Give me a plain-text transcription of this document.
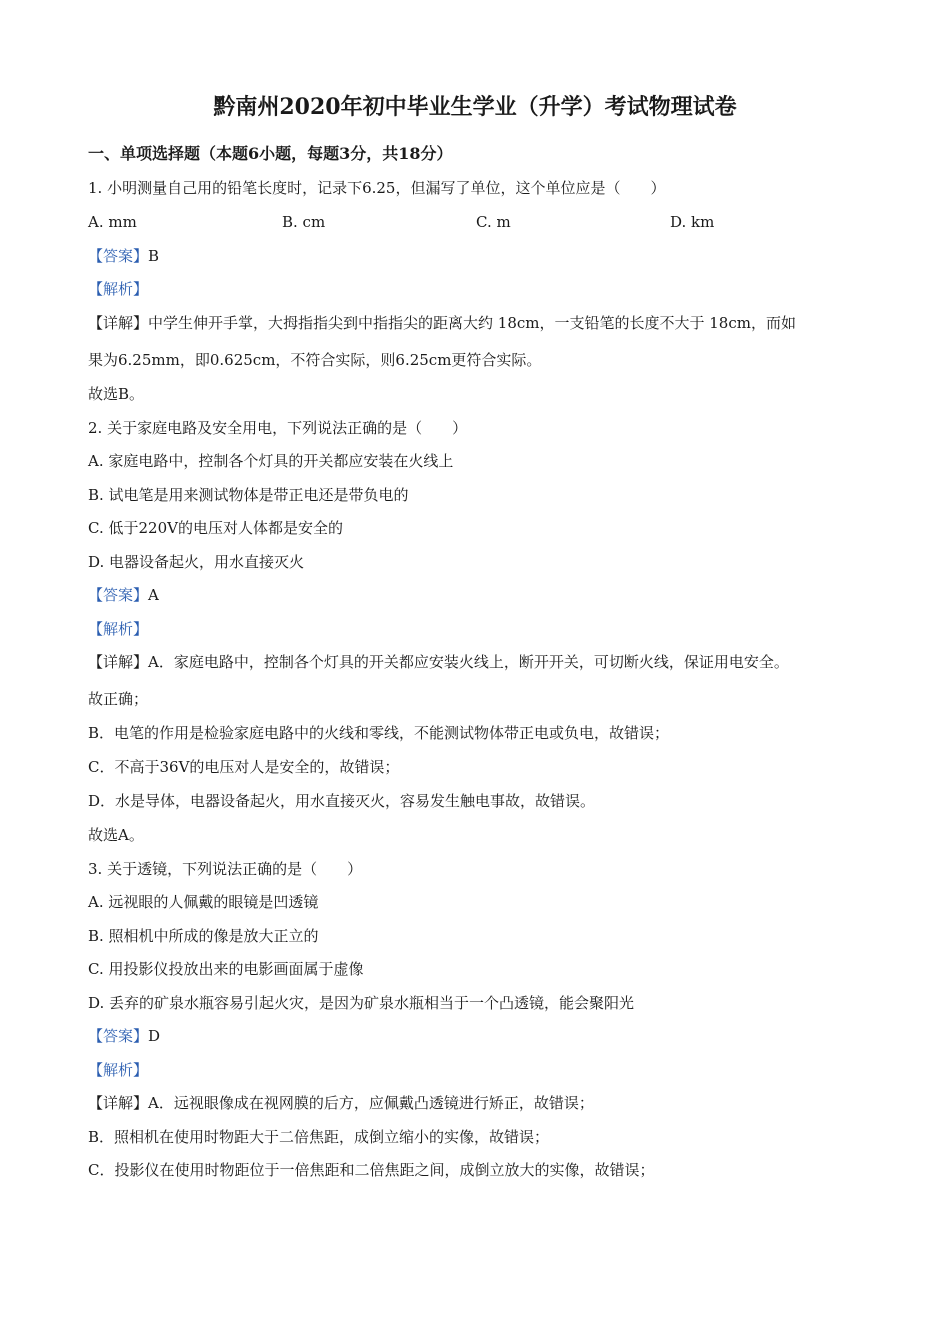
黔南州2020年初中毕业生学业（升学）考试物理试卷
一、单项选择题（本题6小题，每题3分，共18分）
1. 小明测量自己用的铅笔长度时，记录下6.25，但漏写了单位，这个单位应是（　　）
A. mm	B. cm	C. m	D. km
【答案】B
【解析】
【详解】中学生伸开手掌，大拇指指尖到中指指尖的距离大约 18cm，一支铅笔的长度不大于 18cm，而如
果为6.25mm，即0.625cm，不符合实际，则6.25cm更符合实际。
故选B。
2. 关于家庭电路及安全用电，下列说法正确的是（　　）
A. 家庭电路中，控制各个灯具的开关都应安装在火线上
B. 试电笔是用来测试物体是带正电还是带负电的
C. 低于220V的电压对人体都是安全的
D. 电器设备起火，用水直接灭火
【答案】A
【解析】
【详解】A．家庭电路中，控制各个灯具的开关都应安装火线上，断开开关，可切断火线，保证用电安全。
故正确；
B．电笔的作用是检验家庭电路中的火线和零线，不能测试物体带正电或负电，故错误；
C．不高于36V的电压对人是安全的，故错误；
D．水是导体，电器设备起火，用水直接灭火，容易发生触电事故，故错误。
故选A。
3. 关于透镜，下列说法正确的是（　　）
A. 远视眼的人佩戴的眼镜是凹透镜
B. 照相机中所成的像是放大正立的
C. 用投影仪投放出来的电影画面属于虚像
D. 丢弃的矿泉水瓶容易引起火灾，是因为矿泉水瓶相当于一个凸透镜，能会聚阳光
【答案】D
【解析】
【详解】A．远视眼像成在视网膜的后方，应佩戴凸透镜进行矫正，故错误；
B．照相机在使用时物距大于二倍焦距，成倒立缩小的实像，故错误；
C．投影仪在使用时物距位于一倍焦距和二倍焦距之间，成倒立放大的实像，故错误；
